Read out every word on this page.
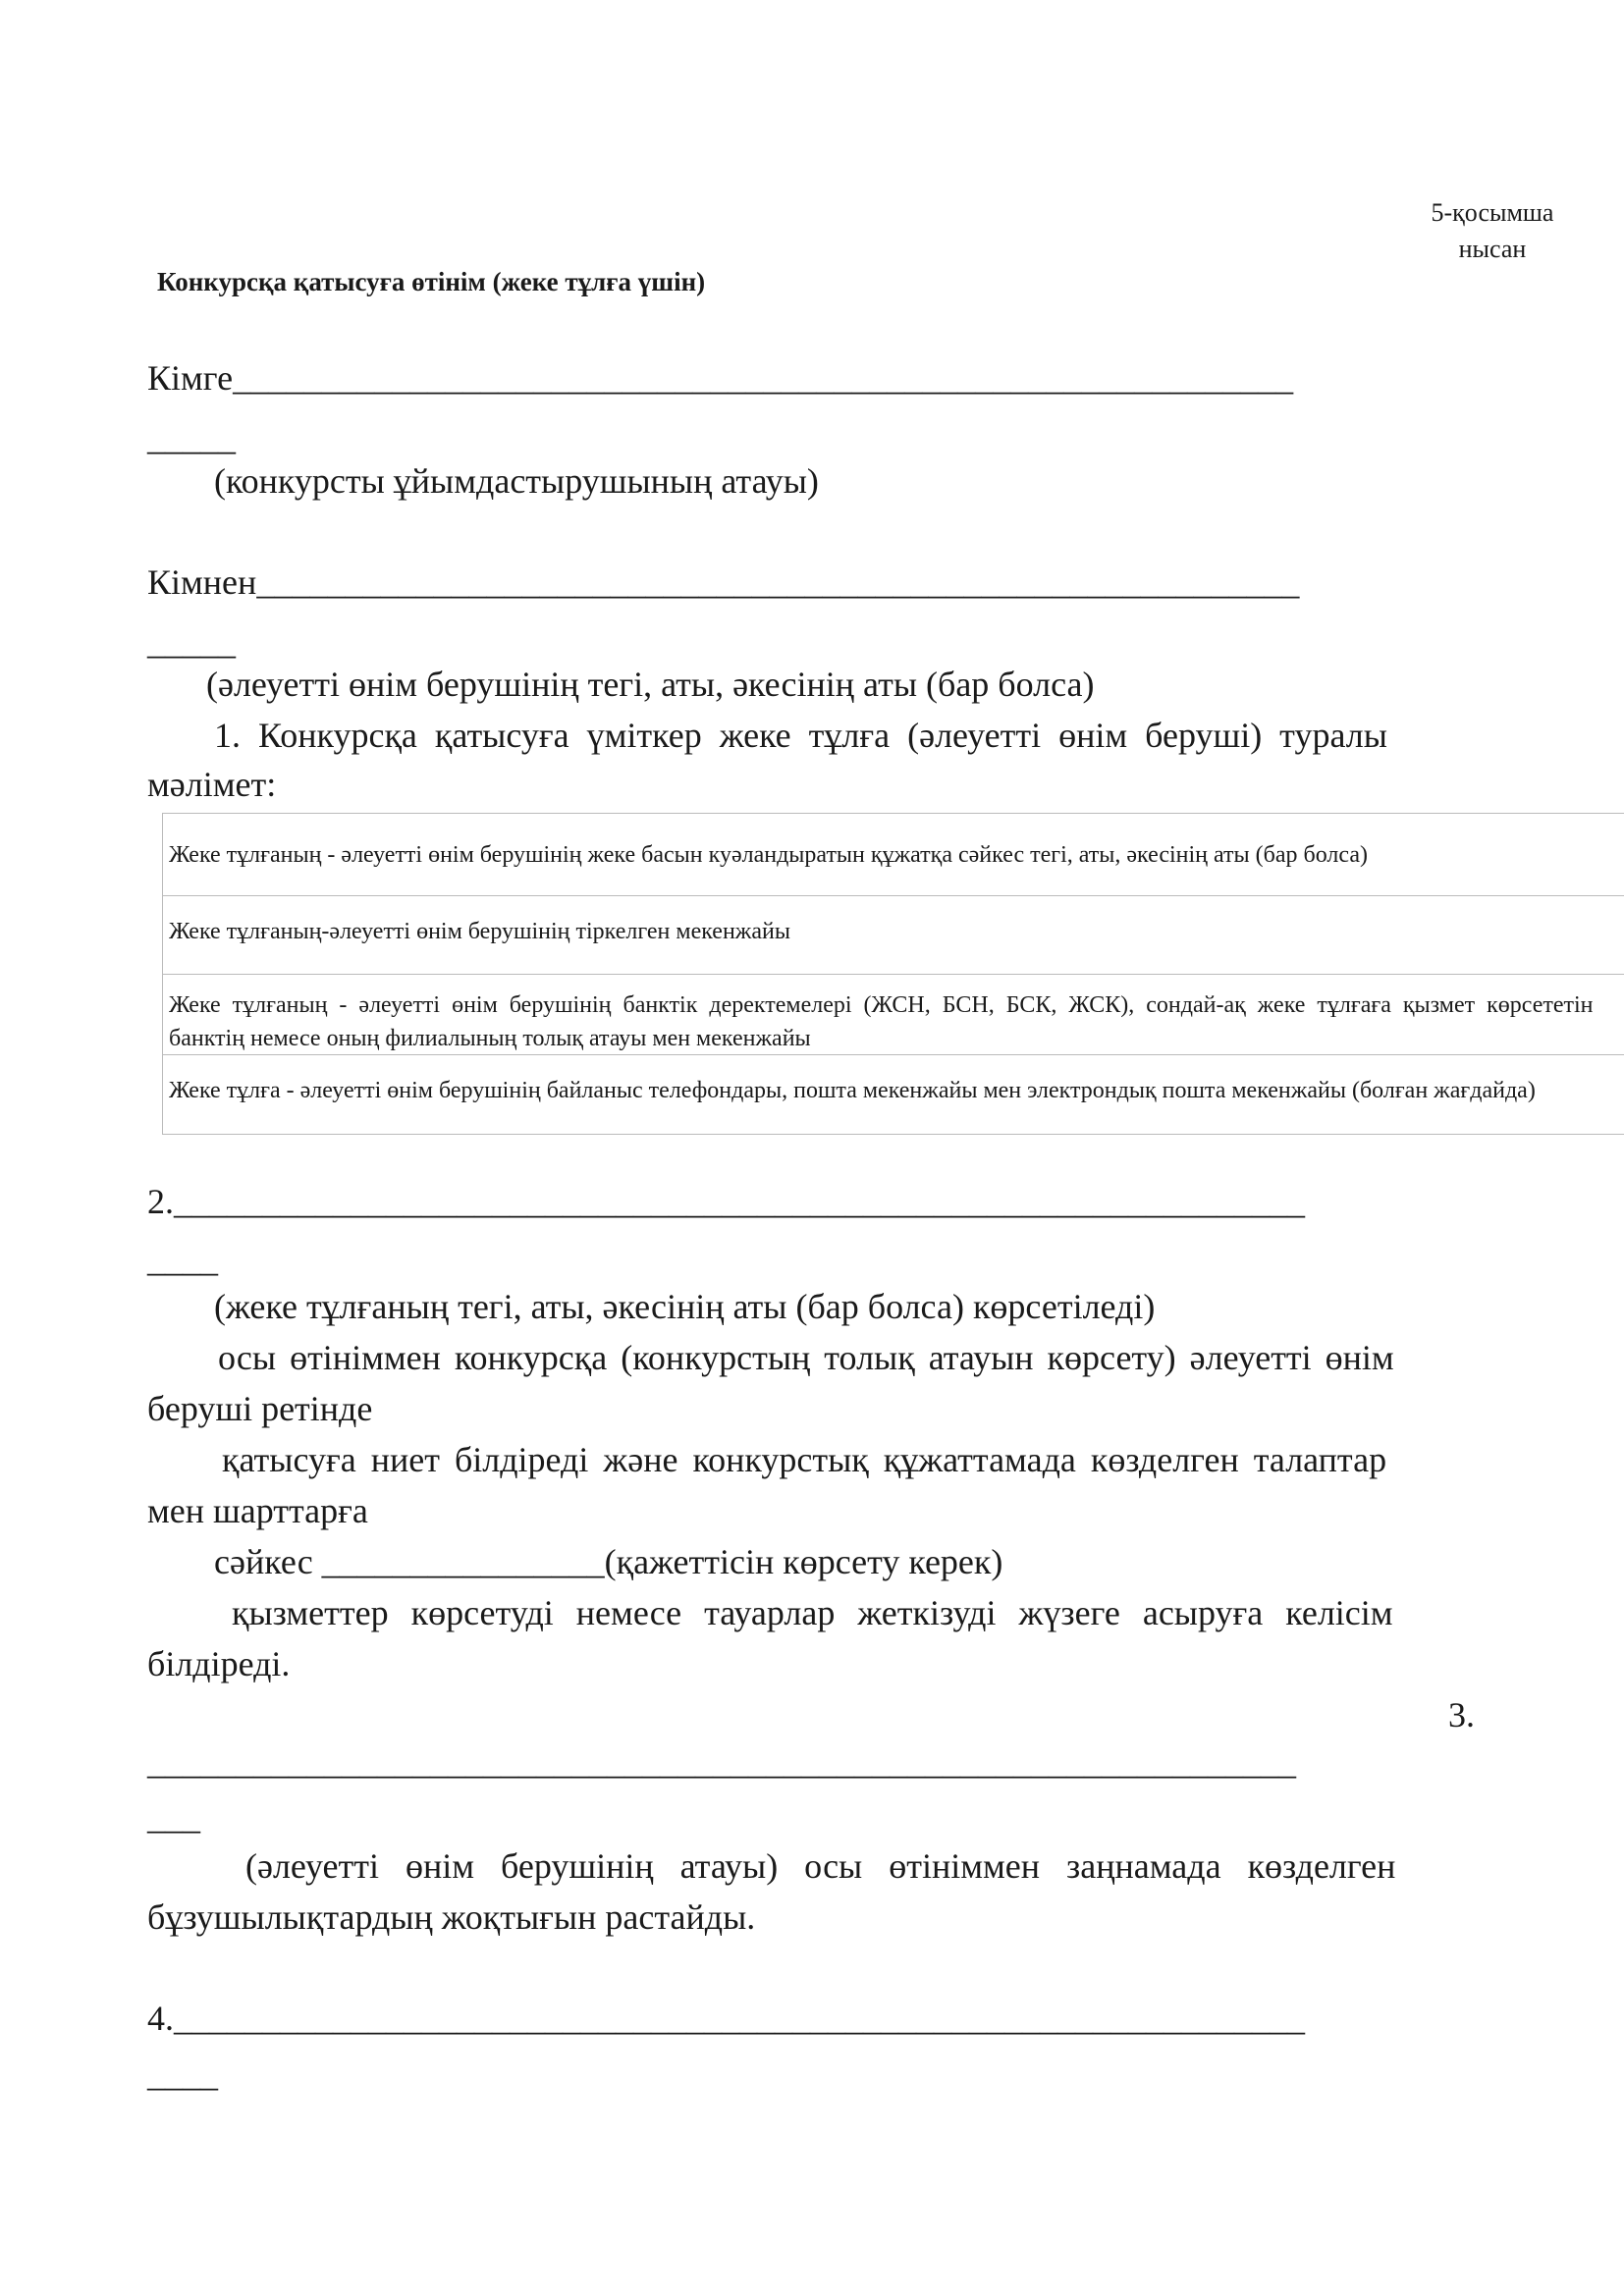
5-қосымша
нысан
Конкурсқа қатысуға өтінім (жеке тұлға үшін)
Кімге____________________________________________________________
_____
(конкурсты ұйымдастырушының атауы)
Кімнен___________________________________________________________
_____
(әлеуетті өнім берушінің тегі, аты, әкесінің аты (бар болса)
1. Конкурсқа қатысуға үміткер жеке тұлға (әлеуетті өнім беруші) туралы
мәлімет:
Жеке тұлғаның - әлеуетті өнім берушінің жеке басын куәландыратын құжатқа сәйкес тегі, аты, әкесінің аты (бар болса)
Жеке тұлғаның-әлеуетті өнім берушінің тіркелген мекенжайы
Жеке тұлғаның - әлеуетті өнім берушінің банктік деректемелері (ЖСН, БСН, БСК, ЖСК), сондай-ақ жеке тұлғаға қызмет көрсететін
банктің немесе оның филиалының толық атауы мен мекенжайы
Жеке тұлға - әлеуетті өнім берушінің байланыс телефондары, пошта мекенжайы мен электрондық пошта мекенжайы (болған жағдайда)
2.________________________________________________________________
____
(жеке тұлғаның тегі, аты, әкесінің аты (бар болса) көрсетіледі)
осы өтініммен конкурсқа (конкурстың толық атауын көрсету) әлеуетті өнім
беруші ретінде
қатысуға ниет білдіреді және конкурстық құжаттамада көзделген талаптар
мен шарттарға
сәйкес ________________(қажеттісін көрсету керек)
қызметтер көрсетуді немесе тауарлар жеткізуді жүзеге асыруға келісім
білдіреді.
3.
_________________________________________________________________
___
(әлеуетті өнім берушінің атауы) осы өтініммен заңнамада көзделген
бұзушылықтардың жоқтығын растайды.
4.________________________________________________________________
____
